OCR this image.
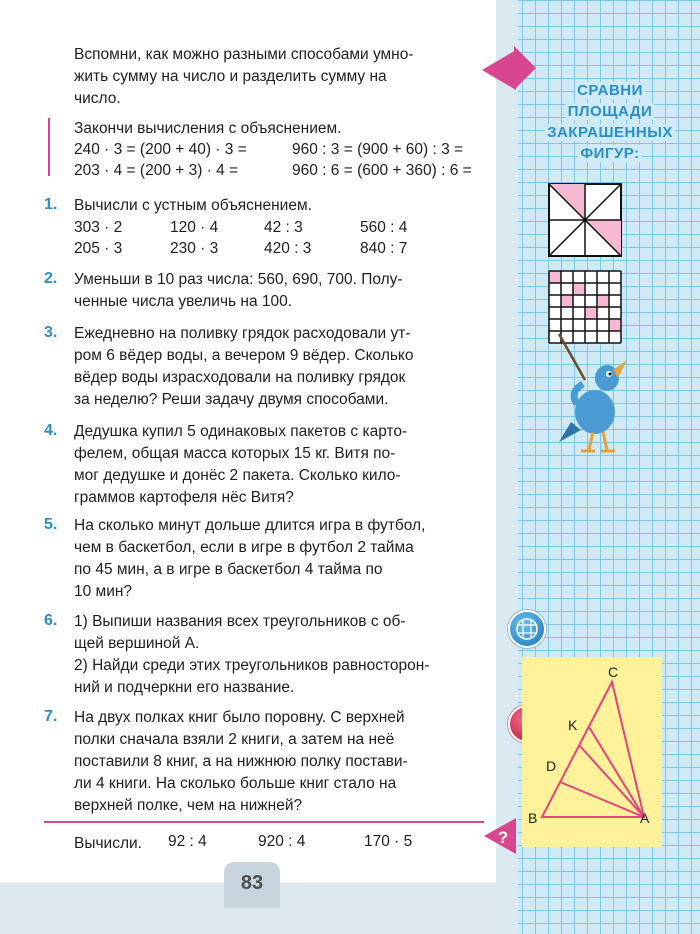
83
Вспомни, как можно разными способами умно-
жить сумму на число и разделить сумму на
число.
Закончи вычисления с объяснением.
240 · 3 = (200 + 40) · 3 =	960 : 3 = (900 + 60) : 3 =
203 · 4 = (200 + 3) · 4 =	960 : 6 = (600 + 360) : 6 =
1. Вычисли с устным объяснением.
303 · 2	120 · 4	42 : 3	560 : 4
205 · 3	230 · 3	420 : 3	840 : 7
2. Уменьши в 10 раз числа: 560, 690, 700. Полу-
ченные числа увеличь на 100.
3. Ежедневно на поливку грядок расходовали ут-
ром 6 вёдер воды, а вечером 9 вёдер. Сколько
вёдер воды израсходовали на поливку грядок
за неделю? Реши задачу двумя способами.
4. Дедушка купил 5 одинаковых пакетов с карто-
фелем, общая масса которых 15 кг. Витя по-
мог дедушке и донёс 2 пакета. Сколько кило-
граммов картофеля нёс Витя?
5. На сколько минут дольше длится игра в футбол,
чем в баскетбол, если в игре в футбол 2 тайма
по 45 мин, а в игре в баскетбол 4 тайма по
10 мин?
6. 1) Выпиши названия всех треугольников с об-
щей вершиной A.
2) Найди среди этих треугольников равносторон-
ний и подчеркни его название.
7. На двух полках книг было поровну. С верхней
полки сначала взяли 2 книги, а затем на неё
поставили 8 книг, а на нижнюю полку постави-
ли 4 книги. На сколько больше книг стало на
верхней полке, чем на нижней?
Вычисли. 92 : 4	920 : 4	170 · 5	?
СРАВНИ
ПЛОЩАДИ
ЗАКРАШЕННЫХ
ФИГУР:
C
K
D
B	A
